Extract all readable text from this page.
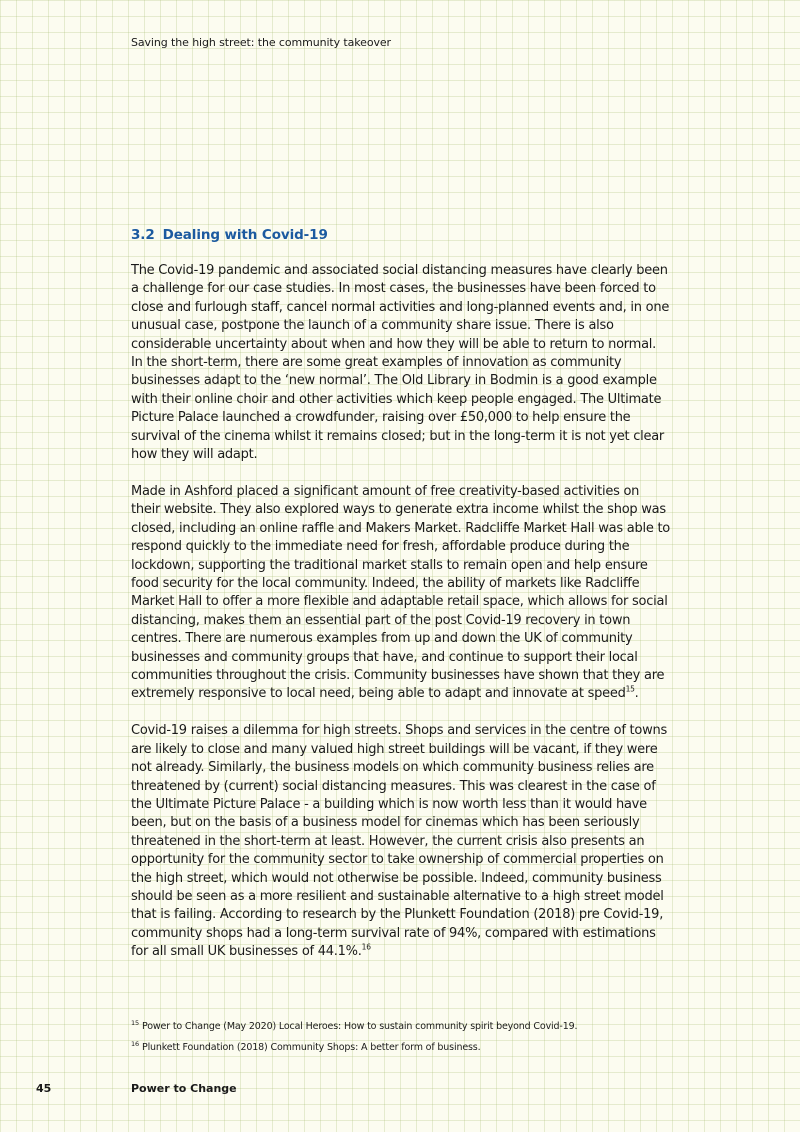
Saving the high street: the community takeover
3.2 Dealing with Covid-19

The Covid-19 pandemic and associated social distancing measures have clearly been a challenge for our case studies. In most cases, the businesses have been forced to close and furlough staff, cancel normal activities and long-planned events and, in one unusual case, postpone the launch of a community share issue. There is also considerable uncertainty about when and how they will be able to return to normal. In the short-term, there are some great examples of innovation as community businesses adapt to the ‘new normal’. The Old Library in Bodmin is a good example with their online choir and other activities which keep people engaged. The Ultimate Picture Palace launched a crowdfunder, raising over £50,000 to help ensure the survival of the cinema whilst it remains closed; but in the long-term it is not yet clear how they will adapt.

Made in Ashford placed a significant amount of free creativity-based activities on their website. They also explored ways to generate extra income whilst the shop was closed, including an online raffle and Makers Market. Radcliffe Market Hall was able to respond quickly to the immediate need for fresh, affordable produce during the lockdown, supporting the traditional market stalls to remain open and help ensure food security for the local community. Indeed, the ability of markets like Radcliffe Market Hall to offer a more flexible and adaptable retail space, which allows for social distancing, makes them an essential part of the post Covid-19 recovery in town centres. There are numerous examples from up and down the UK of community businesses and community groups that have, and continue to support their local communities throughout the crisis. Community businesses have shown that they are extremely responsive to local need, being able to adapt and innovate at speed$^{15}$.

Covid-19 raises a dilemma for high streets. Shops and services in the centre of towns are likely to close and many valued high street buildings will be vacant, if they were not already. Similarly, the business models on which community business relies are threatened by (current) social distancing measures. This was clearest in the case of the Ultimate Picture Palace - a building which is now worth less than it would have been, but on the basis of a business model for cinemas which has been seriously threatened in the short-term at least. However, the current crisis also presents an opportunity for the community sector to take ownership of commercial properties on the high street, which would not otherwise be possible. Indeed, community business should be seen as a more resilient and sustainable alternative to a high street model that is failing. According to research by the Plunkett Foundation (2018) pre Covid-19, community shops had a long-term survival rate of 94%, compared with estimations for all small UK businesses of 44.1%.$^{16}$

$^{15}$ Power to Change (May 2020) Local Heroes: How to sustain community spirit beyond Covid-19.
$^{16}$ Plunkett Foundation (2018) Community Shops: A better form of business.
45	Power to Change
